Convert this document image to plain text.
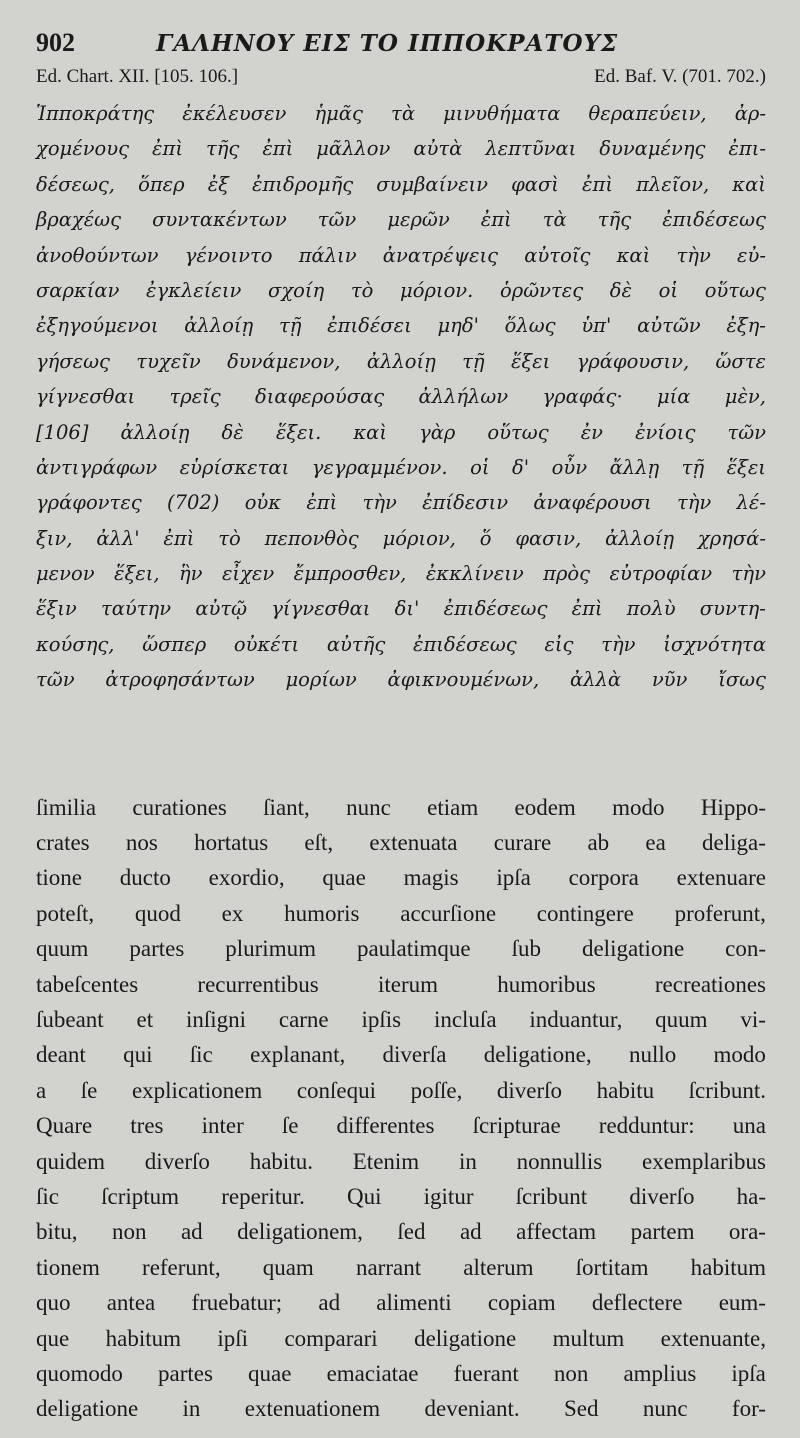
902	ΓΑΛΗΝΟΥ ΕΙΣ ΤΟ ΙΠΠΟΚΡΑΤΟΥΣ
Ed. Chart. XII. [105. 106.]	Ed. Baf. V. (701. 702.)
Ἱπποκράτης ἐκέλευσεν ἡμᾶς τὰ μινυθήματα θεραπεύειν, ἀρ-
χομένους ἐπὶ τῆς ἐπὶ μᾶλλον αὐτὰ λεπτῦναι δυναμένης ἐπι-
δέσεως, ὅπερ ἐξ ἐπιδρομῆς συμβαίνειν φασὶ ἐπὶ πλεῖον, καὶ
βραχέως συντακέντων τῶν μερῶν ἐπὶ τὰ τῆς ἐπιδέσεως
ἀνοθούντων γένοιντο πάλιν ἀνατρέψεις αὐτοῖς καὶ τὴν εὐ-
σαρκίαν ἐγκλείειν σχοίη τὸ μόριον. ὁρῶντες δὲ οἱ οὕτως
ἐξηγούμενοι ἀλλοίῃ τῇ ἐπιδέσει μηδ' ὅλως ὑπ' αὐτῶν ἐξη-
γήσεως τυχεῖν δυνάμενον, ἀλλοίῃ τῇ ἕξει γράφουσιν, ὥστε
γίγνεσθαι τρεῖς διαφερούσας ἀλλήλων γραφάς· μία μὲν,
[106] ἀλλοίῃ δὲ ἕξει. καὶ γὰρ οὕτως ἐν ἐνίοις τῶν
ἀντιγράφων εὑρίσκεται γεγραμμένον. οἱ δ' οὖν ἄλλῃ τῇ ἕξει
γράφοντες (702) οὐκ ἐπὶ τὴν ἐπίδεσιν ἀναφέρουσι τὴν λέ-
ξιν, ἀλλ' ἐπὶ τὸ πεπονθὸς μόριον, ὅ φασιν, ἀλλοίῃ χρησά-
μενον ἕξει, ἣν εἶχεν ἔμπροσθεν, ἐκκλίνειν πρὸς εὐτροφίαν τὴν
ἕξιν ταύτην αὐτῷ γίγνεσθαι δι' ἐπιδέσεως ἐπὶ πολὺ συντη-
κούσης, ὥσπερ οὐκέτι αὐτῆς ἐπιδέσεως εἰς τὴν ἰσχνότητα
τῶν ἀτροφησάντων μορίων ἀφικνουμένων, ἀλλὰ νῦν ἴσως
ſimilia curationes ſiant, nunc etiam eodem modo Hippo-
crates nos hortatus eſt, extenuata curare ab ea deliga-
tione ducto exordio, quae magis ipſa corpora extenuare
poteſt, quod ex humoris accurſione contingere proferunt,
quum partes plurimum paulatimque ſub deligatione con-
tabeſcentes	recurrentibus	iterum	humoribus	recreationes
ſubeant et inſigni carne ipſis incluſa induantur, quum vi-
deant qui ſic explanant, diverſa deligatione, nullo modo
a ſe explicationem conſequi poſſe, diverſo habitu ſcribunt.
Quare tres inter ſe differentes ſcripturae redduntur: una
quidem diverſo habitu. Etenim in nonnullis exemplaribus
ſic ſcriptum reperitur. Qui igitur ſcribunt diverſo ha-
bitu, non ad deligationem, ſed ad affectam partem ora-
tionem referunt, quam narrant alterum ſortitam habitum
quo antea fruebatur; ad alimenti copiam deflectere eum-
que habitum ipſi comparari deligatione multum extenuante,
quomodo partes quae emaciatae fuerant non amplius ipſa
deligatione in extenuationem deveniant. Sed nunc for-
